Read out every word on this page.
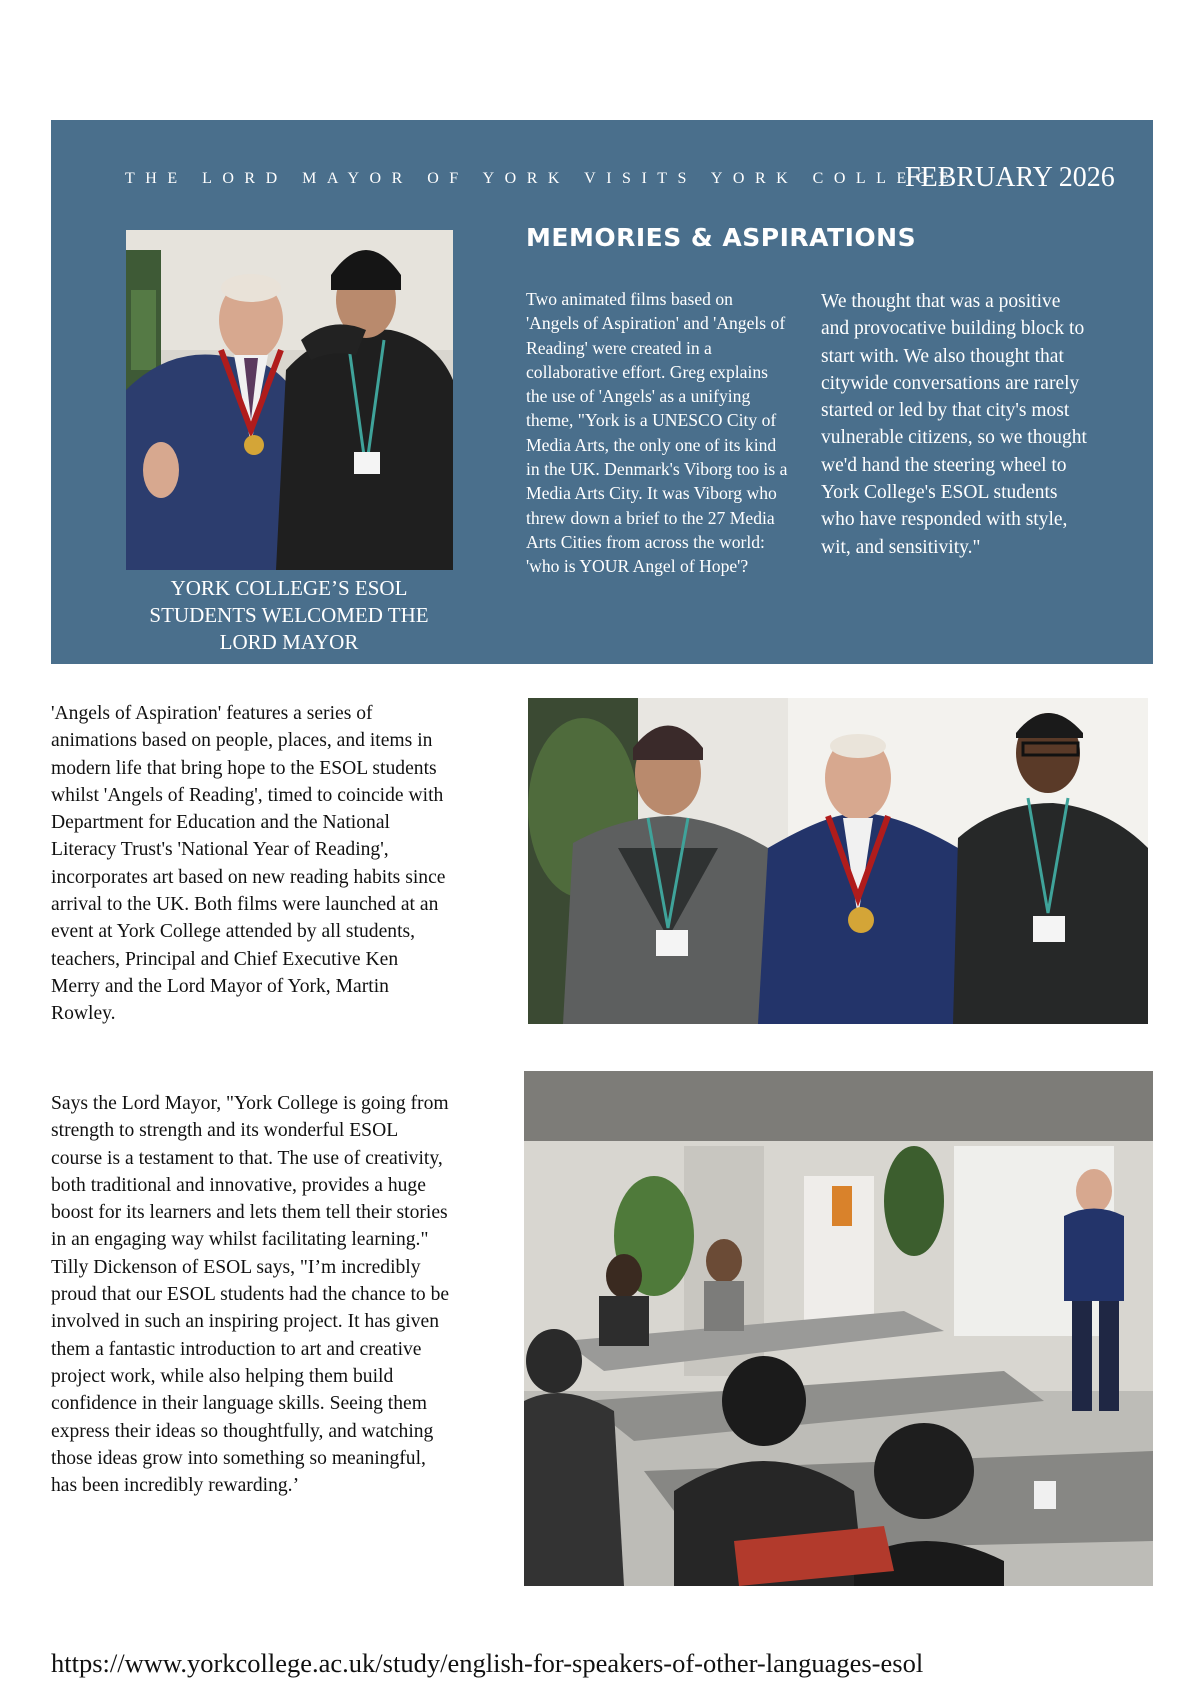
THE LORD MAYOR OF YORK VISITS YORK COLLEGE
FEBRUARY 2026
YORK COLLEGE’S ESOL STUDENTS WELCOMED THE LORD MAYOR
MEMORIES & ASPIRATIONS
Two animated films based on 'Angels of Aspiration' and 'Angels of Reading' were created in a collaborative effort. Greg explains the use of 'Angels' as a unifying theme, "York is a UNESCO City of Media Arts, the only one of its kind in the UK. Denmark's Viborg too is a Media Arts City. It was Viborg who threw down a brief to the 27 Media Arts Cities from across the world: 'who is YOUR Angel of Hope'?
We thought that was a positive and provocative building block to start with. We also thought that citywide conversations are rarely started or led by that city's most vulnerable citizens, so we thought we'd hand the steering wheel to York College's ESOL students who have responded with style, wit, and sensitivity."
'Angels of Aspiration' features a series of animations based on people, places, and items in modern life that bring hope to the ESOL students whilst 'Angels of Reading', timed to coincide with Department for Education and the National Literacy Trust's 'National Year of Reading', incorporates art based on new reading habits since arrival to the UK. Both films were launched at an event at York College attended by all students, teachers, Principal and Chief Executive Ken Merry and the Lord Mayor of York, Martin Rowley.
Says the Lord Mayor, "York College is going from strength to strength and its wonderful ESOL course is a testament to that. The use of creativity, both traditional and innovative, provides a huge boost for its learners and lets them tell their stories in an engaging way whilst facilitating learning."
Tilly Dickenson of ESOL says, "I’m incredibly proud that our ESOL students had the chance to be involved in such an inspiring project. It has given them a fantastic introduction to art and creative project work, while also helping them build confidence in their language skills. Seeing them express their ideas so thoughtfully, and watching those ideas grow into something so meaningful, has been incredibly rewarding.’
https://www.yorkcollege.ac.uk/study/english-for-speakers-of-other-languages-esol
